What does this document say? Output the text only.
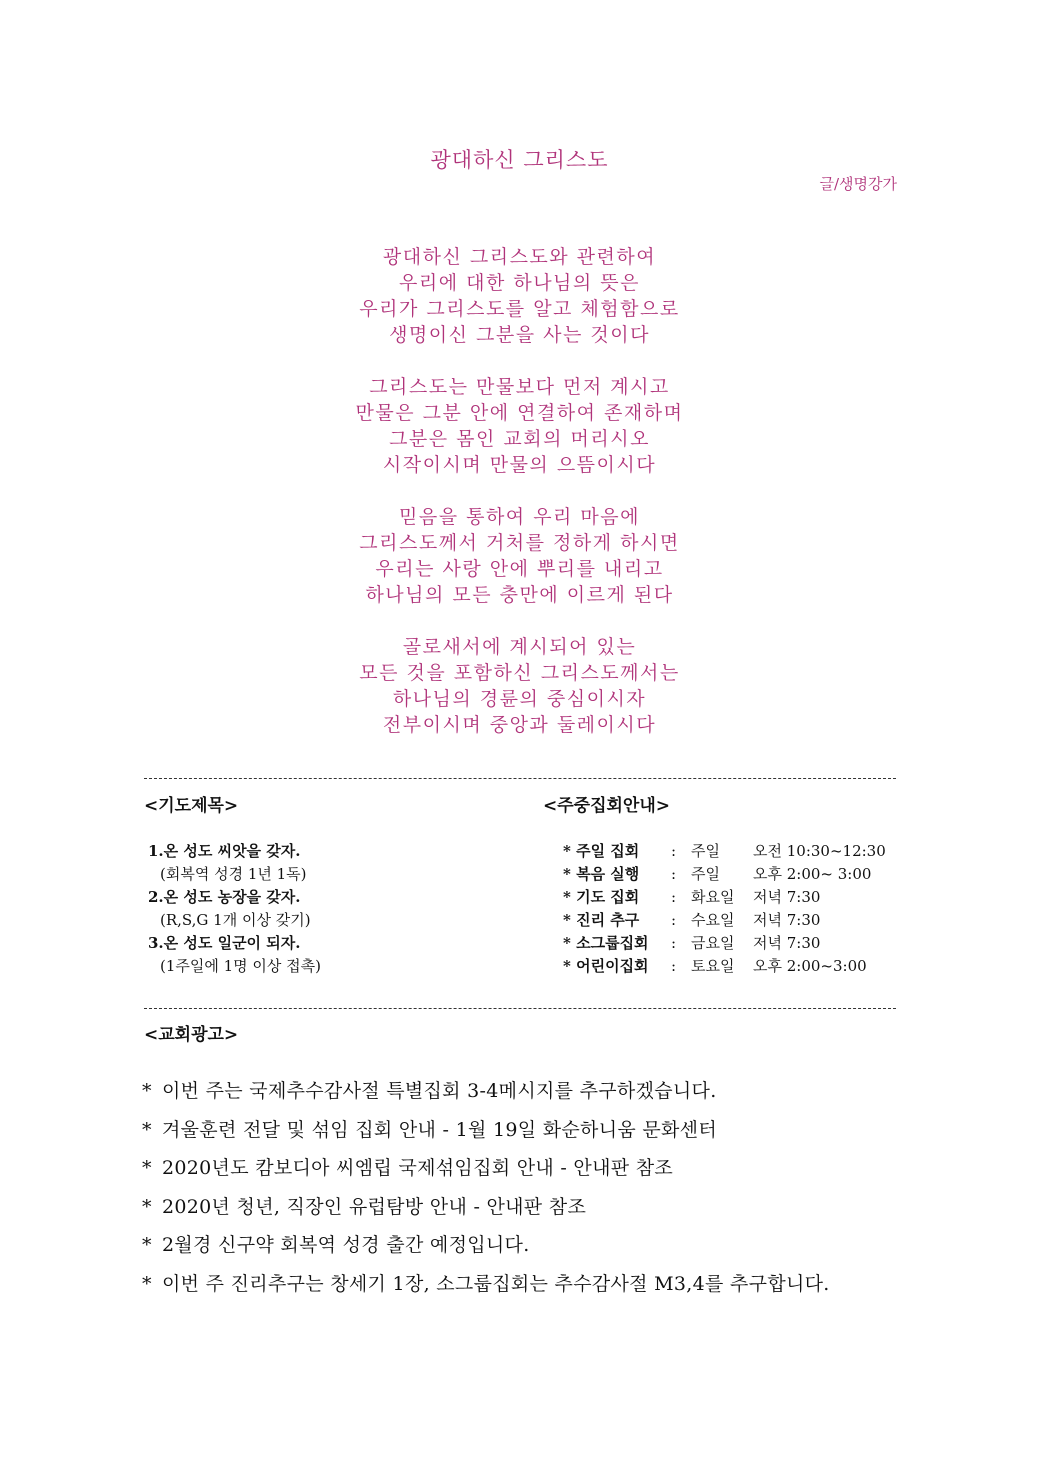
광대하신 그리스도
글/생명강가
광대하신 그리스도와 관련하여
우리에 대한 하나님의 뜻은
우리가 그리스도를 알고 체험함으로
생명이신 그분을 사는 것이다
그리스도는 만물보다 먼저 계시고
만물은 그분 안에 연결하여 존재하며
그분은 몸인 교회의 머리시오
시작이시며 만물의 으뜸이시다
믿음을 통하여 우리 마음에
그리스도께서 거처를 정하게 하시면
우리는 사랑 안에 뿌리를 내리고
하나님의 모든 충만에 이르게 된다
골로새서에 계시되어 있는
모든 것을 포함하신 그리스도께서는
하나님의 경륜의 중심이시자
전부이시며 중앙과 둘레이시다
<기도제목>	<주중집회안내>
1.온 성도 씨앗을 갖자.
(회복역 성경 1년 1독)
2.온 성도 농장을 갖자.
(R,S,G 1개 이상 갖기)
3.온 성도 일군이 되자.
(1주일에 1명 이상 접촉)
* 주일 집회	:	주일	오전 10:30~12:30
* 복음 실행	:	주일	오후 2:00~ 3:00
* 기도 집회	:	화요일	저녁 7:30
* 진리 추구	:	수요일	저녁 7:30
* 소그룹집회	:	금요일	저녁 7:30
* 어린이집회	:	토요일	오후 2:00~3:00
<교회광고>
* 이번 주는 국제추수감사절 특별집회 3-4메시지를 추구하겠습니다.
* 겨울훈련 전달 및 섞임 집회 안내 - 1월 19일 화순하니움 문화센터
* 2020년도 캄보디아 씨엠립 국제섞임집회 안내 - 안내판 참조
* 2020년 청년, 직장인 유럽탐방 안내 - 안내판 참조
* 2월경 신구약 회복역 성경 출간 예정입니다.
* 이번 주 진리추구는 창세기 1장, 소그룹집회는 추수감사절 M3,4를 추구합니다.
